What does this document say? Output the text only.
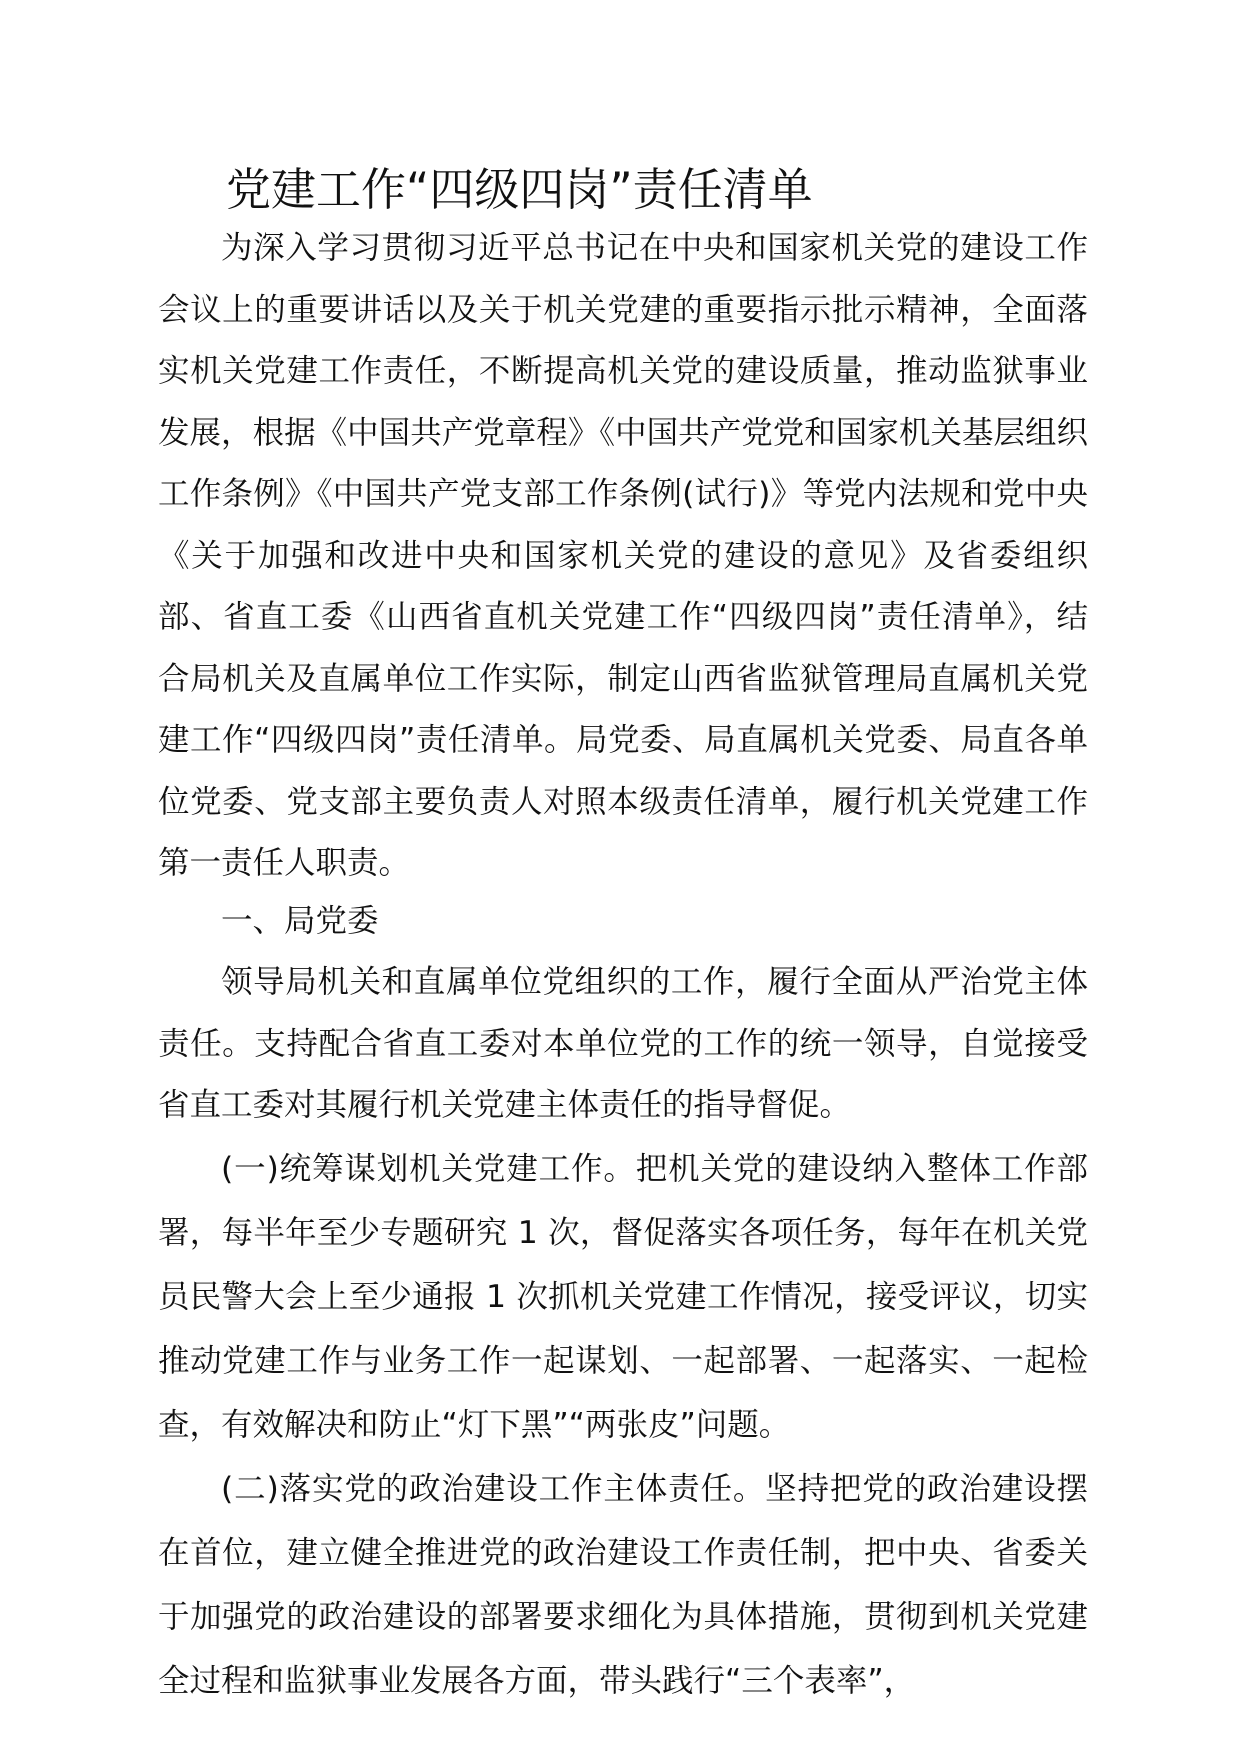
党建工作“四级四岗”责任清单

为深入学习贯彻习近平总书记在中央和国家机关党的建设工作会议上的重要讲话以及关于机关党建的重要指示批示精神，全面落实机关党建工作责任，不断提高机关党的建设质量，推动监狱事业发展，根据《中国共产党章程》《中国共产党党和国家机关基层组织工作条例》《中国共产党支部工作条例(试行)》等党内法规和党中央《关于加强和改进中央和国家机关党的建设的意见》及省委组织部、省直工委《山西省直机关党建工作“四级四岗”责任清单》，结合局机关及直属单位工作实际，制定山西省监狱管理局直属机关党建工作“四级四岗”责任清单。局党委、局直属机关党委、局直各单位党委、党支部主要负责人对照本级责任清单，履行机关党建工作第一责任人职责。

一、局党委

领导局机关和直属单位党组织的工作，履行全面从严治党主体责任。支持配合省直工委对本单位党的工作的统一领导，自觉接受省直工委对其履行机关党建主体责任的指导督促。

(一)统筹谋划机关党建工作。把机关党的建设纳入整体工作部署，每半年至少专题研究 1 次，督促落实各项任务，每年在机关党员民警大会上至少通报 1 次抓机关党建工作情况，接受评议，切实推动党建工作与业务工作一起谋划、一起部署、一起落实、一起检查，有效解决和防止“灯下黑”“两张皮”问题。

(二)落实党的政治建设工作主体责任。坚持把党的政治建设摆在首位，建立健全推进党的政治建设工作责任制，把中央、省委关于加强党的政治建设的部署要求细化为具体措施，贯彻到机关党建全过程和监狱事业发展各方面，带头践行“三个表率”，
